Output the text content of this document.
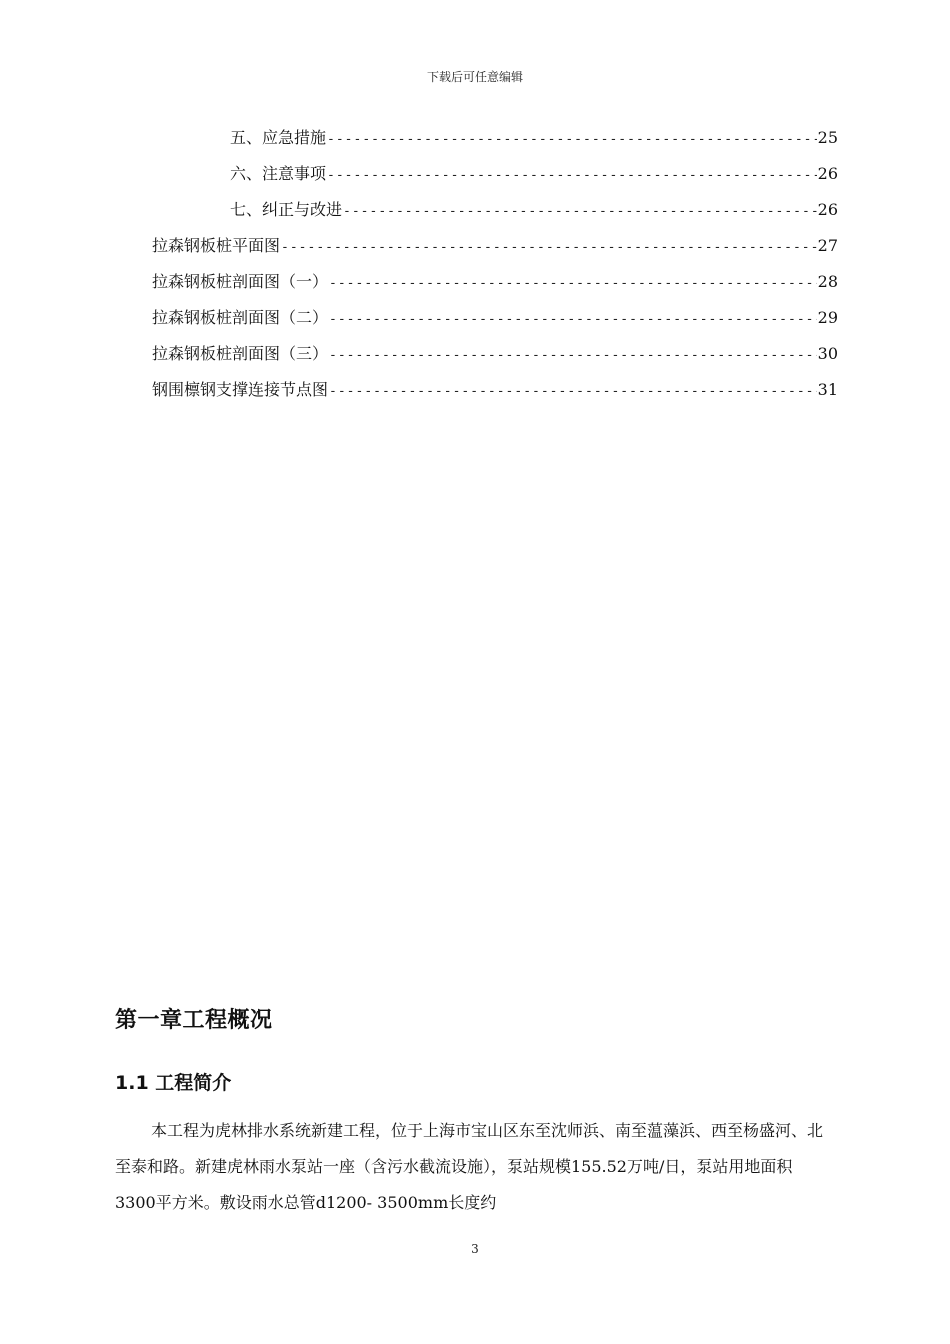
下载后可任意编辑
五、应急措施 -----	25
六、注意事项 -----	26
七、纠正与改进 -----	26
拉森钢板桩平面图 -----	27
拉森钢板桩剖面图（一） -----	28
拉森钢板桩剖面图（二） -----	29
拉森钢板桩剖面图（三） -----	30
钢围檩钢支撑连接节点图 -----	31
第一章工程概况
1.1 工程简介

本工程为虎林排水系统新建工程，位于上海市宝山区东至沈师浜、南至蕰藻浜、西至杨盛河、北至泰和路。新建虎林雨水泵站一座（含污水截流设施），泵站规模155.52万吨/日，泵站用地面积3300平方米。敷设雨水总管d1200- 3500mm长度约

3
